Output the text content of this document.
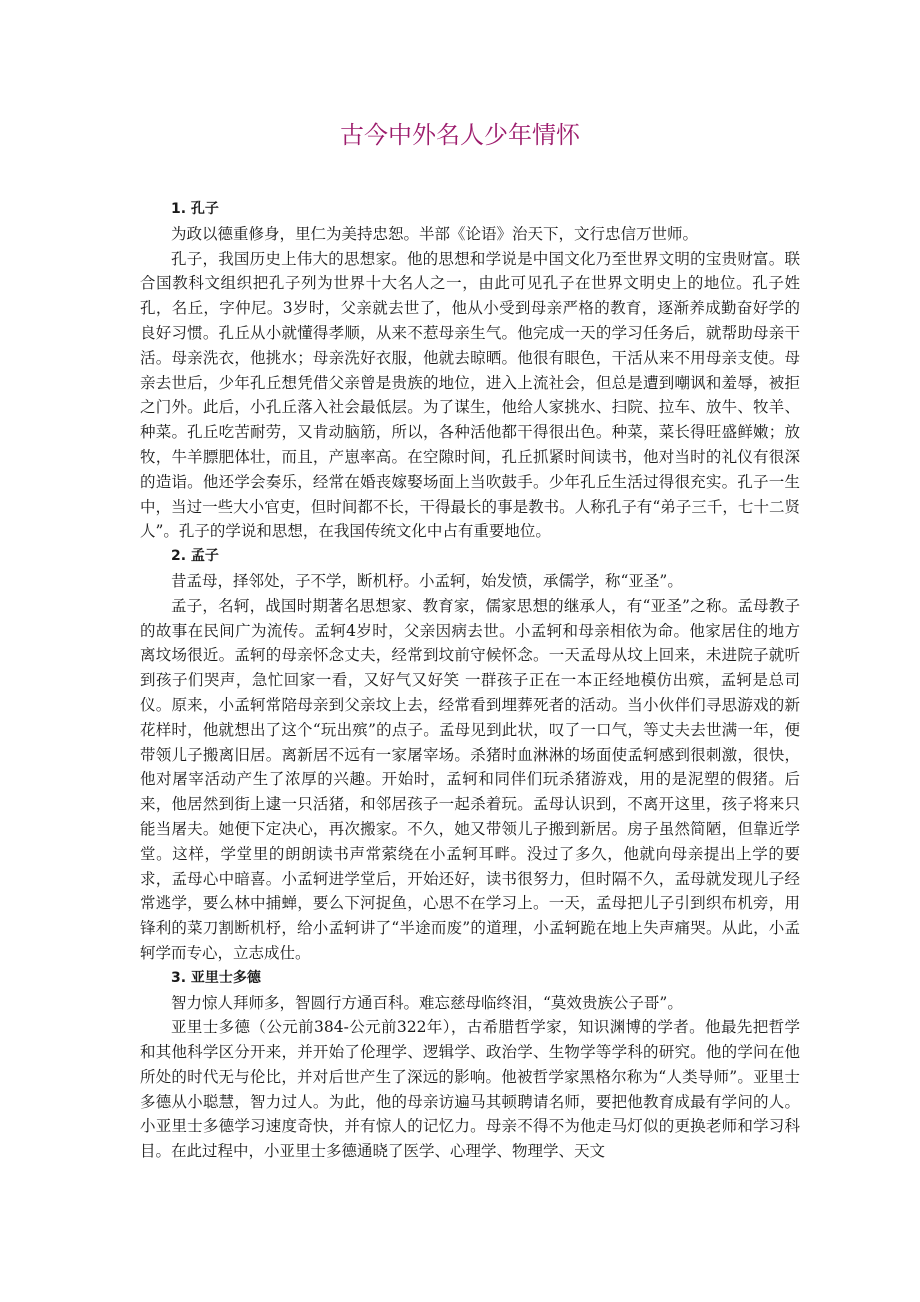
古今中外名人少年情怀

1. 孔子

为政以德重修身，里仁为美持忠恕。半部《论语》治天下，文行忠信万世师。

孔子，我国历史上伟大的思想家。他的思想和学说是中国文化乃至世界文明的宝贵财富。联合国教科文组织把孔子列为世界十大名人之一，由此可见孔子在世界文明史上的地位。孔子姓孔，名丘，字仲尼。3岁时，父亲就去世了，他从小受到母亲严格的教育，逐渐养成勤奋好学的良好习惯。孔丘从小就懂得孝顺，从来不惹母亲生气。他完成一天的学习任务后，就帮助母亲干活。母亲洗衣，他挑水；母亲洗好衣服，他就去晾晒。他很有眼色，干活从来不用母亲支使。母亲去世后，少年孔丘想凭借父亲曾是贵族的地位，进入上流社会，但总是遭到嘲讽和羞辱，被拒之门外。此后，小孔丘落入社会最低层。为了谋生，他给人家挑水、扫院、拉车、放牛、牧羊、种菜。孔丘吃苦耐劳，又肯动脑筋，所以，各种活他都干得很出色。种菜，菜长得旺盛鲜嫩；放牧，牛羊膘肥体壮，而且，产崽率高。在空隙时间，孔丘抓紧时间读书，他对当时的礼仪有很深的造诣。他还学会奏乐，经常在婚丧嫁娶场面上当吹鼓手。少年孔丘生活过得很充实。孔子一生中，当过一些大小官吏，但时间都不长，干得最长的事是教书。人称孔子有“弟子三千，七十二贤人”。孔子的学说和思想，在我国传统文化中占有重要地位。

2. 孟子

昔孟母，择邻处，子不学，断机杼。小孟轲，始发愤，承儒学，称“亚圣”。

孟子，名轲，战国时期著名思想家、教育家，儒家思想的继承人，有“亚圣”之称。孟母教子的故事在民间广为流传。孟轲4岁时，父亲因病去世。小孟轲和母亲相依为命。他家居住的地方离坟场很近。孟轲的母亲怀念丈夫，经常到坟前守候怀念。一天孟母从坟上回来，未进院子就听到孩子们哭声，急忙回家一看，又好气又好笑 一群孩子正在一本正经地模仿出殡，孟轲是总司仪。原来，小孟轲常陪母亲到父亲坟上去，经常看到埋葬死者的活动。当小伙伴们寻思游戏的新花样时，他就想出了这个“玩出殡”的点子。孟母见到此状，叹了一口气，等丈夫去世满一年，便带领儿子搬离旧居。离新居不远有一家屠宰场。杀猪时血淋淋的场面使孟轲感到很刺激，很快，他对屠宰活动产生了浓厚的兴趣。开始时，孟轲和同伴们玩杀猪游戏，用的是泥塑的假猪。后来，他居然到街上逮一只活猪，和邻居孩子一起杀着玩。孟母认识到，不离开这里，孩子将来只能当屠夫。她便下定决心，再次搬家。不久，她又带领儿子搬到新居。房子虽然简陋，但靠近学堂。这样，学堂里的朗朗读书声常萦绕在小孟轲耳畔。没过了多久，他就向母亲提出上学的要求，孟母心中暗喜。小孟轲进学堂后，开始还好，读书很努力，但时隔不久，孟母就发现儿子经常逃学，要么林中捕蝉，要么下河捉鱼，心思不在学习上。一天，孟母把儿子引到织布机旁，用锋利的菜刀割断机杼，给小孟轲讲了“半途而废”的道理，小孟轲跪在地上失声痛哭。从此，小孟轲学而专心，立志成仕。

3. 亚里士多德

智力惊人拜师多，智圆行方通百科。难忘慈母临终泪，“莫效贵族公子哥”。

亚里士多德（公元前384-公元前322年），古希腊哲学家，知识渊博的学者。他最先把哲学和其他科学区分开来，并开始了伦理学、逻辑学、政治学、生物学等学科的研究。他的学问在他所处的时代无与伦比，并对后世产生了深远的影响。他被哲学家黑格尔称为“人类导师”。亚里士多德从小聪慧，智力过人。为此，他的母亲访遍马其顿聘请名师，要把他教育成最有学问的人。小亚里士多德学习速度奇快，并有惊人的记忆力。母亲不得不为他走马灯似的更换老师和学习科目。在此过程中，小亚里士多德通晓了医学、心理学、物理学、天文
